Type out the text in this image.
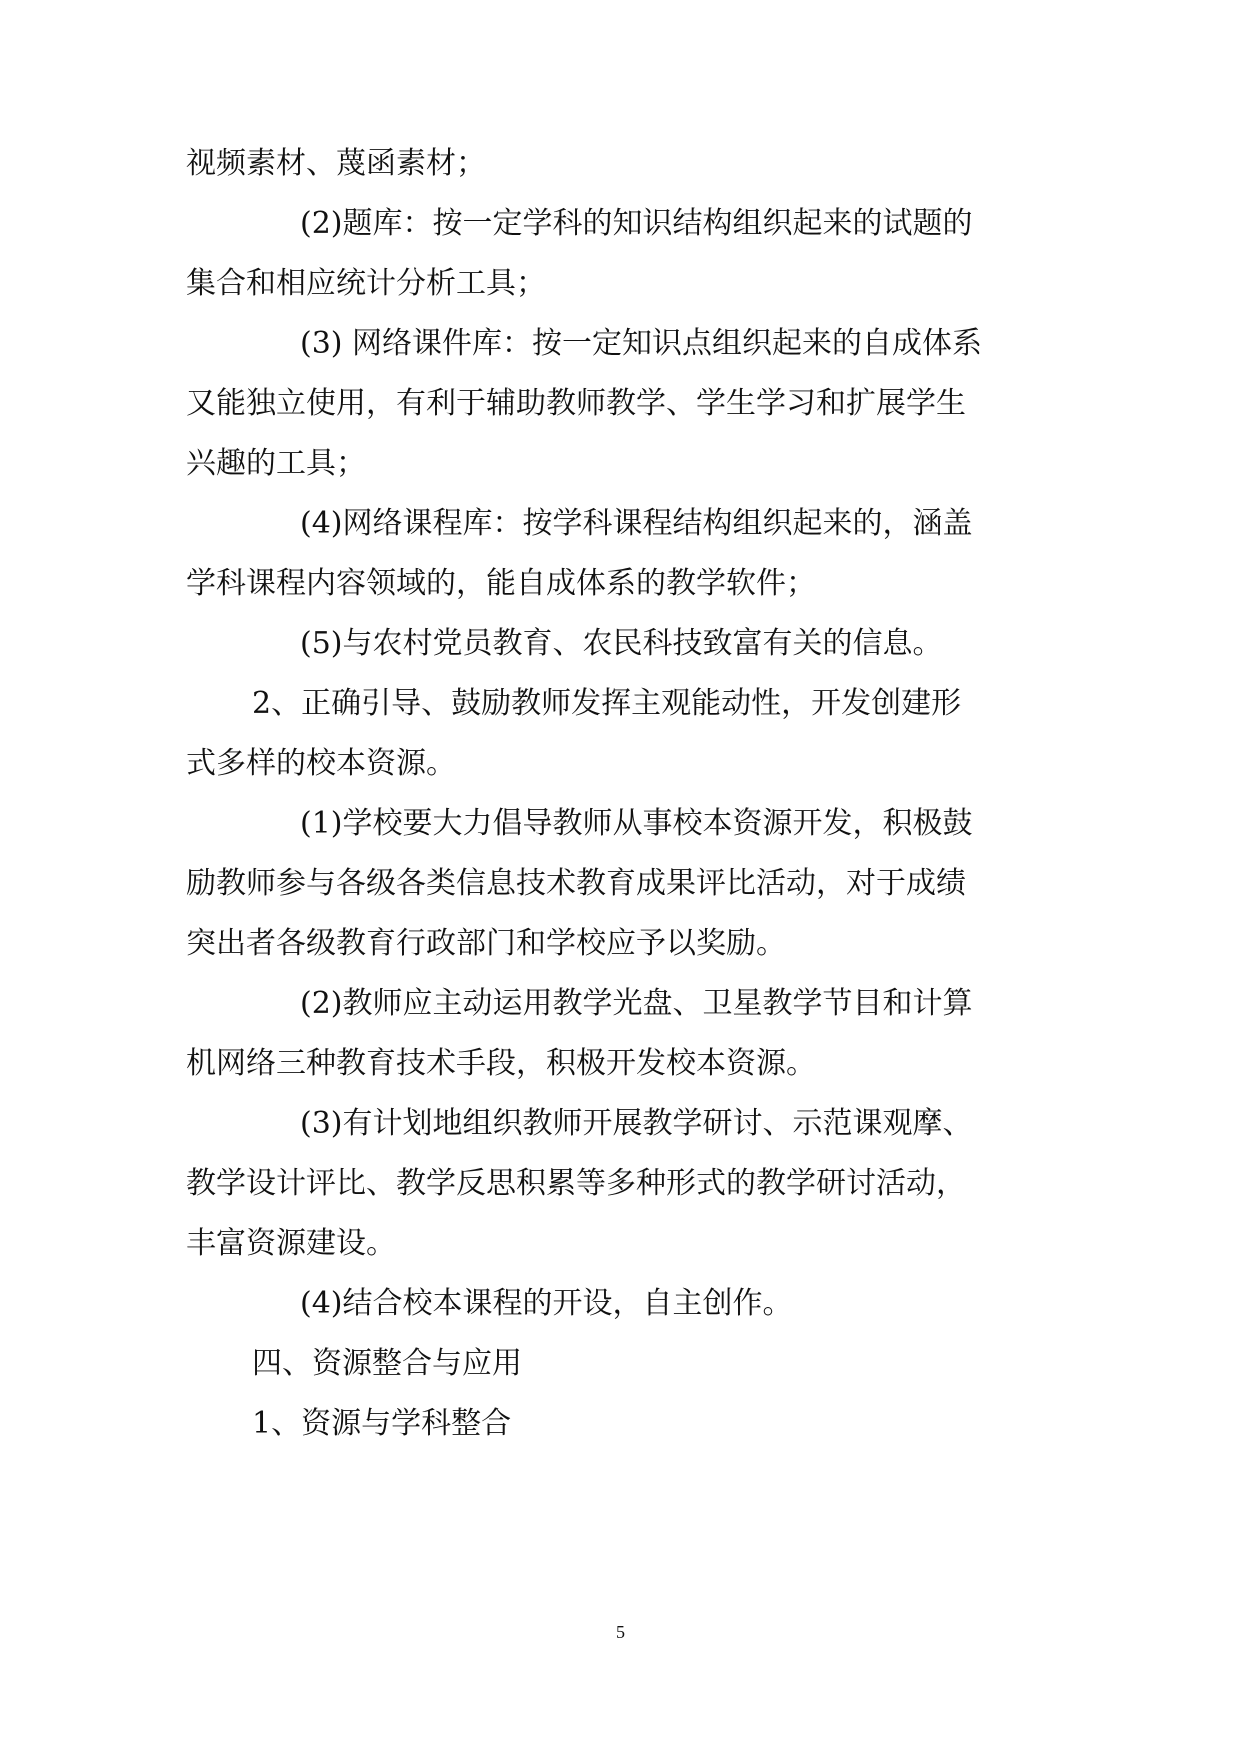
视频素材、蔑函素材；
(2)题库：按一定学科的知识结构组织起来的试题的
集合和相应统计分析工具；
(3) 网络课件库：按一定知识点组织起来的自成体系
又能独立使用，有利于辅助教师教学、学生学习和扩展学生
兴趣的工具；
(4)网络课程库：按学科课程结构组织起来的，涵盖
学科课程内容领域的，能自成体系的教学软件；
(5)与农村党员教育、农民科技致富有关的信息。
2、正确引导、鼓励教师发挥主观能动性，开发创建形
式多样的校本资源。
(1)学校要大力倡导教师从事校本资源开发，积极鼓
励教师参与各级各类信息技术教育成果评比活动，对于成绩
突出者各级教育行政部门和学校应予以奖励。
(2)教师应主动运用教学光盘、卫星教学节目和计算
机网络三种教育技术手段，积极开发校本资源。
(3)有计划地组织教师开展教学研讨、示范课观摩、
教学设计评比、教学反思积累等多种形式的教学研讨活动，
丰富资源建设。
(4)结合校本课程的开设，自主创作。
四、资源整合与应用
1、资源与学科整合
5
